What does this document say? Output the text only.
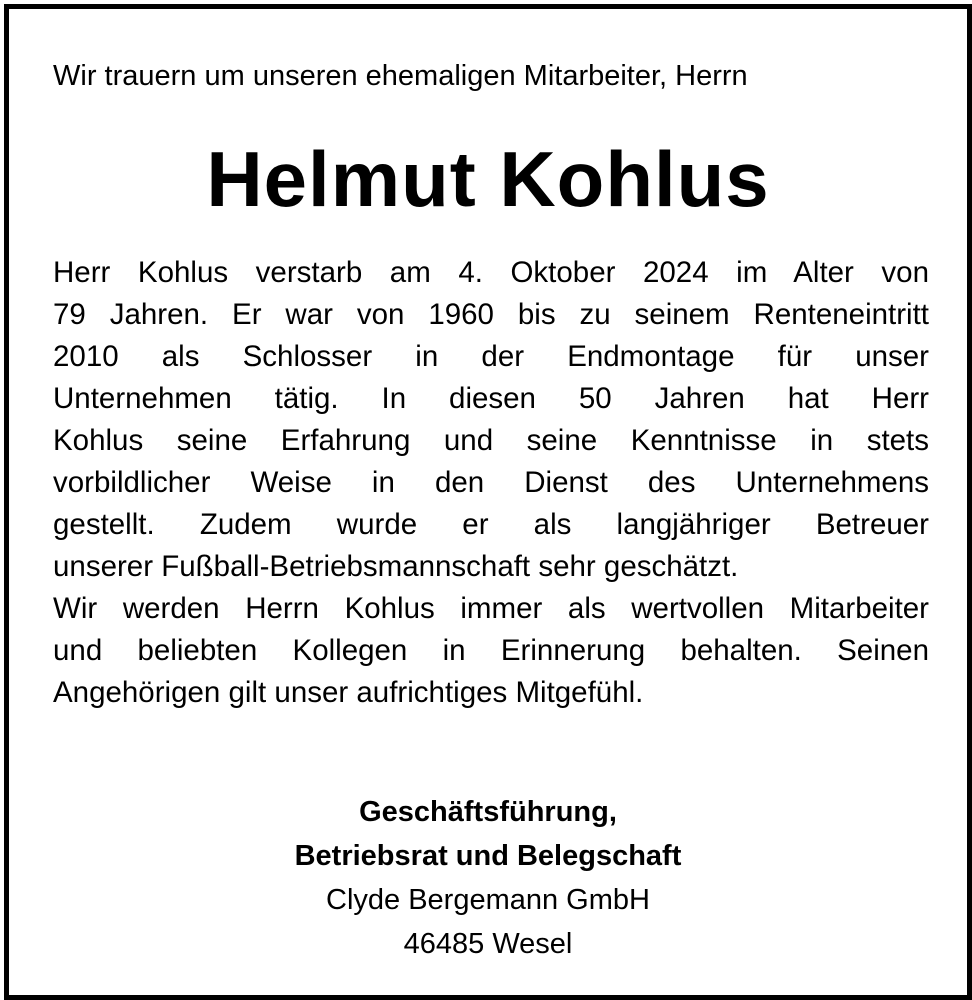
Wir trauern um unseren ehemaligen Mitarbeiter, Herrn
Helmut Kohlus
Herr Kohlus verstarb am 4. Oktober 2024 im Alter von
79 Jahren. Er war von 1960 bis zu seinem Renteneintritt
2010 als Schlosser in der Endmontage für unser
Unternehmen tätig. In diesen 50 Jahren hat Herr
Kohlus seine Erfahrung und seine Kenntnisse in stets
vorbildlicher Weise in den Dienst des Unternehmens
gestellt. Zudem wurde er als langjähriger Betreuer
unserer Fußball-Betriebsmannschaft sehr geschätzt.
Wir werden Herrn Kohlus immer als wertvollen Mitarbeiter
und beliebten Kollegen in Erinnerung behalten. Seinen
Angehörigen gilt unser aufrichtiges Mitgefühl.
Geschäftsführung,
Betriebsrat und Belegschaft
Clyde Bergemann GmbH
46485 Wesel
